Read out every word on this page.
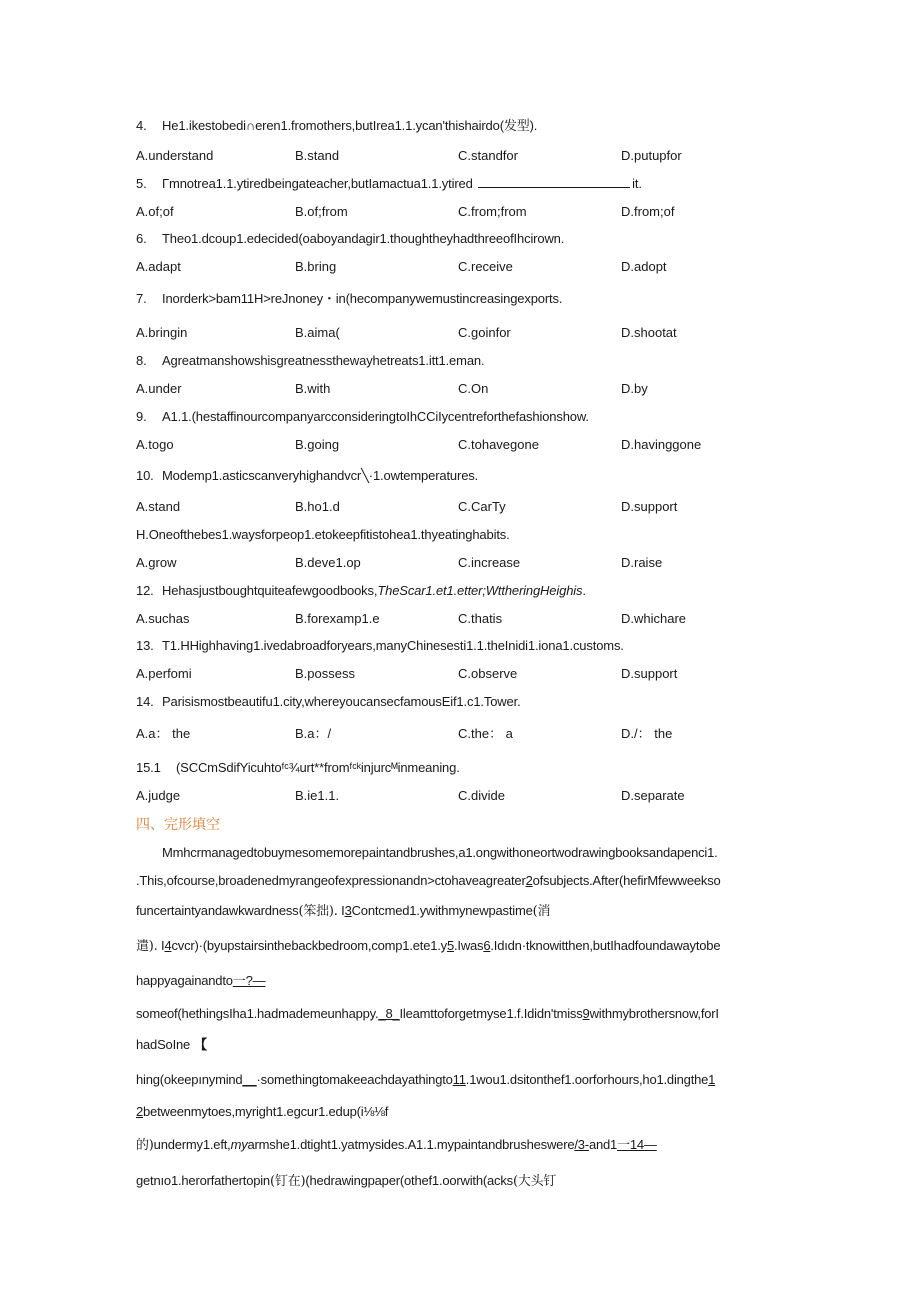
4. He1.ikestobedi∩eren1.fromothers,butIrea1.1.ycan'thishairdo(发型).
A.understand	B.stand	C.standfor	D.putupfor
5. Γmnotrea1.1.ytiredbeingateacher,butIamactua1.1.ytired	it.
A.of;of	B.of;from	C.from;from	D.from;of
6. Theo1.dcoup1.edecided(oaboyandagir1.thoughtheyhadthreeofIhcirown.
A.adapt	B.bring	C.receive	D.adopt
7. Inorderk>bam11H>reJnoney・in(hecompanywemustincreasingexports.
A.bringin	B.aima(	C.goinfor	D.shootat
8. Agreatmanshowshisgreatnessthewayhetreats1.itt1.eman.
A.under	B.with	C.On	D.by
9. A1.1.(hestaffinourcompanyarcconsideringtoIhCCiIycentreforthefashionshow.
A.togo	B.going	C.tohavegone	D.havinggone
10. Modemp1.asticscanveryhighandvcr╲·1.owtemperatures.
A.stand	B.ho1.d	C.CarTy	D.support
H.Oneofthebes1.waysforpeop1.etokeepfitistohea1.thyeatinghabits.
A.grow	B.deve1.op	C.increase	D.raise
12. Hehasjustboughtquiteafewgoodbooks,TheScar1.et1.etter;WttheringHeighis.
A.suchas	B.forexamp1.e	C.thatis	D.whichare
13. T1.HHighhaving1.ivedabroadforyears,manyChinesesti1.1.theInidi1.iona1.customs.
A.perfomi	B.possess	C.observe	D.support
14. Parisismostbeautifu1.city,whereyoucansecfamousEif1.c1.Tower.
A.a： the	B.a：/	C.the： a	D./： the
15.1 (SCCmSdifYicuhtoᶠᶜ¾urt**fromᶠᶜᵏinjurcᴹinmeaning.
A.judge	B.ie1.1.	C.divide	D.separate
四、完形填空
Mmhcrmanagedtobuymesomemorepaintandbrushes,a1.ongwithoneortwodrawingbooksandapenci1.
.This,ofcourse,broadenedmyrangeofexpressionandn>ctohaveagreater2ofsubjects.After(hefirMfewweekso
funcertaintyandawkwardness(笨拙). I3Contcmed1.ywithmynewpastime(消
遣). I4cvcr)·(byupstairsinthebackbedroom,comp1.ete1.y5.Iwas6.Idıdn·tknowitthen,butIhadfoundawaytobe
happyagainandto一?—
someof(hethingsIha1.hadmademeunhappy._8_Ileamttoforgetmyse1.f.Ididn'tmiss9withmybrothersnow,forI
hadSoIne 【
hing(okeepınymind__·somethingtomakeeachdayathingto11.1wou1.dsitonthef1.oorforhours,ho1.dingthe1
2betweenmytoes,myright1.egcur1.edup(i⅛⅛f
的)undermy1.eft,myarmshe1.dtight1.yatmysides.A1.1.mypaintandbrusheswere/3-and1一14—
getnıo1.herorfathertopin(钉在)(hedrawingpaper(othef1.oorwith(acks(大头钉
